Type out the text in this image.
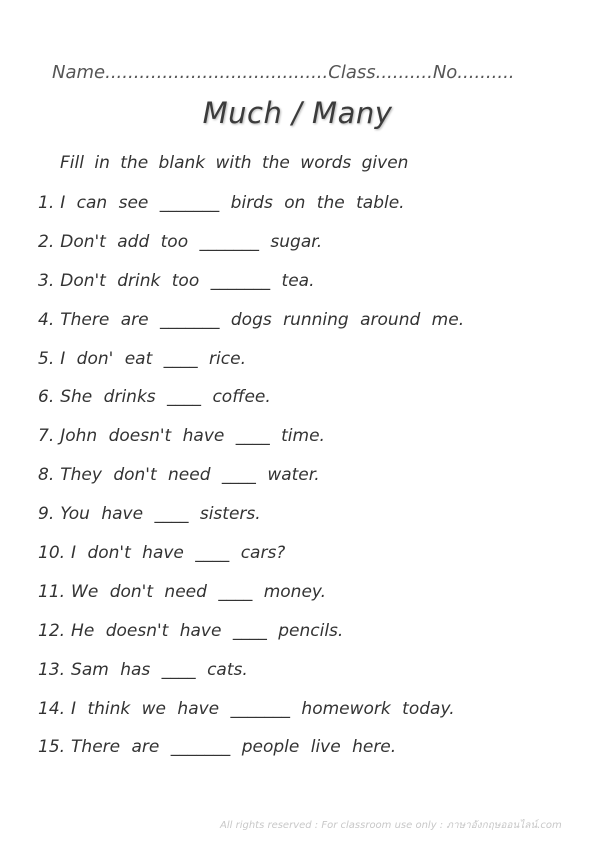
Name.......................................Class..........No..........
Much / Many
Fill in the blank with the words given
1. I can see _______ birds on the table.
2. Don't add too _______ sugar.
3. Don't drink too _______ tea.
4. There are _______ dogs running around me.
5. I don' eat ____ rice.
6. She drinks ____ coffee.
7. John doesn't have ____ time.
8. They don't need ____ water.
9. You have ____ sisters.
10. I don't have ____ cars?
11. We don't need ____ money.
12. He doesn't have ____ pencils.
13. Sam has ____ cats.
14. I think we have _______ homework today.
15. There are _______ people live here.
All rights reserved : For classroom use only : ภาษาอังกฤษออนไลน์.com
